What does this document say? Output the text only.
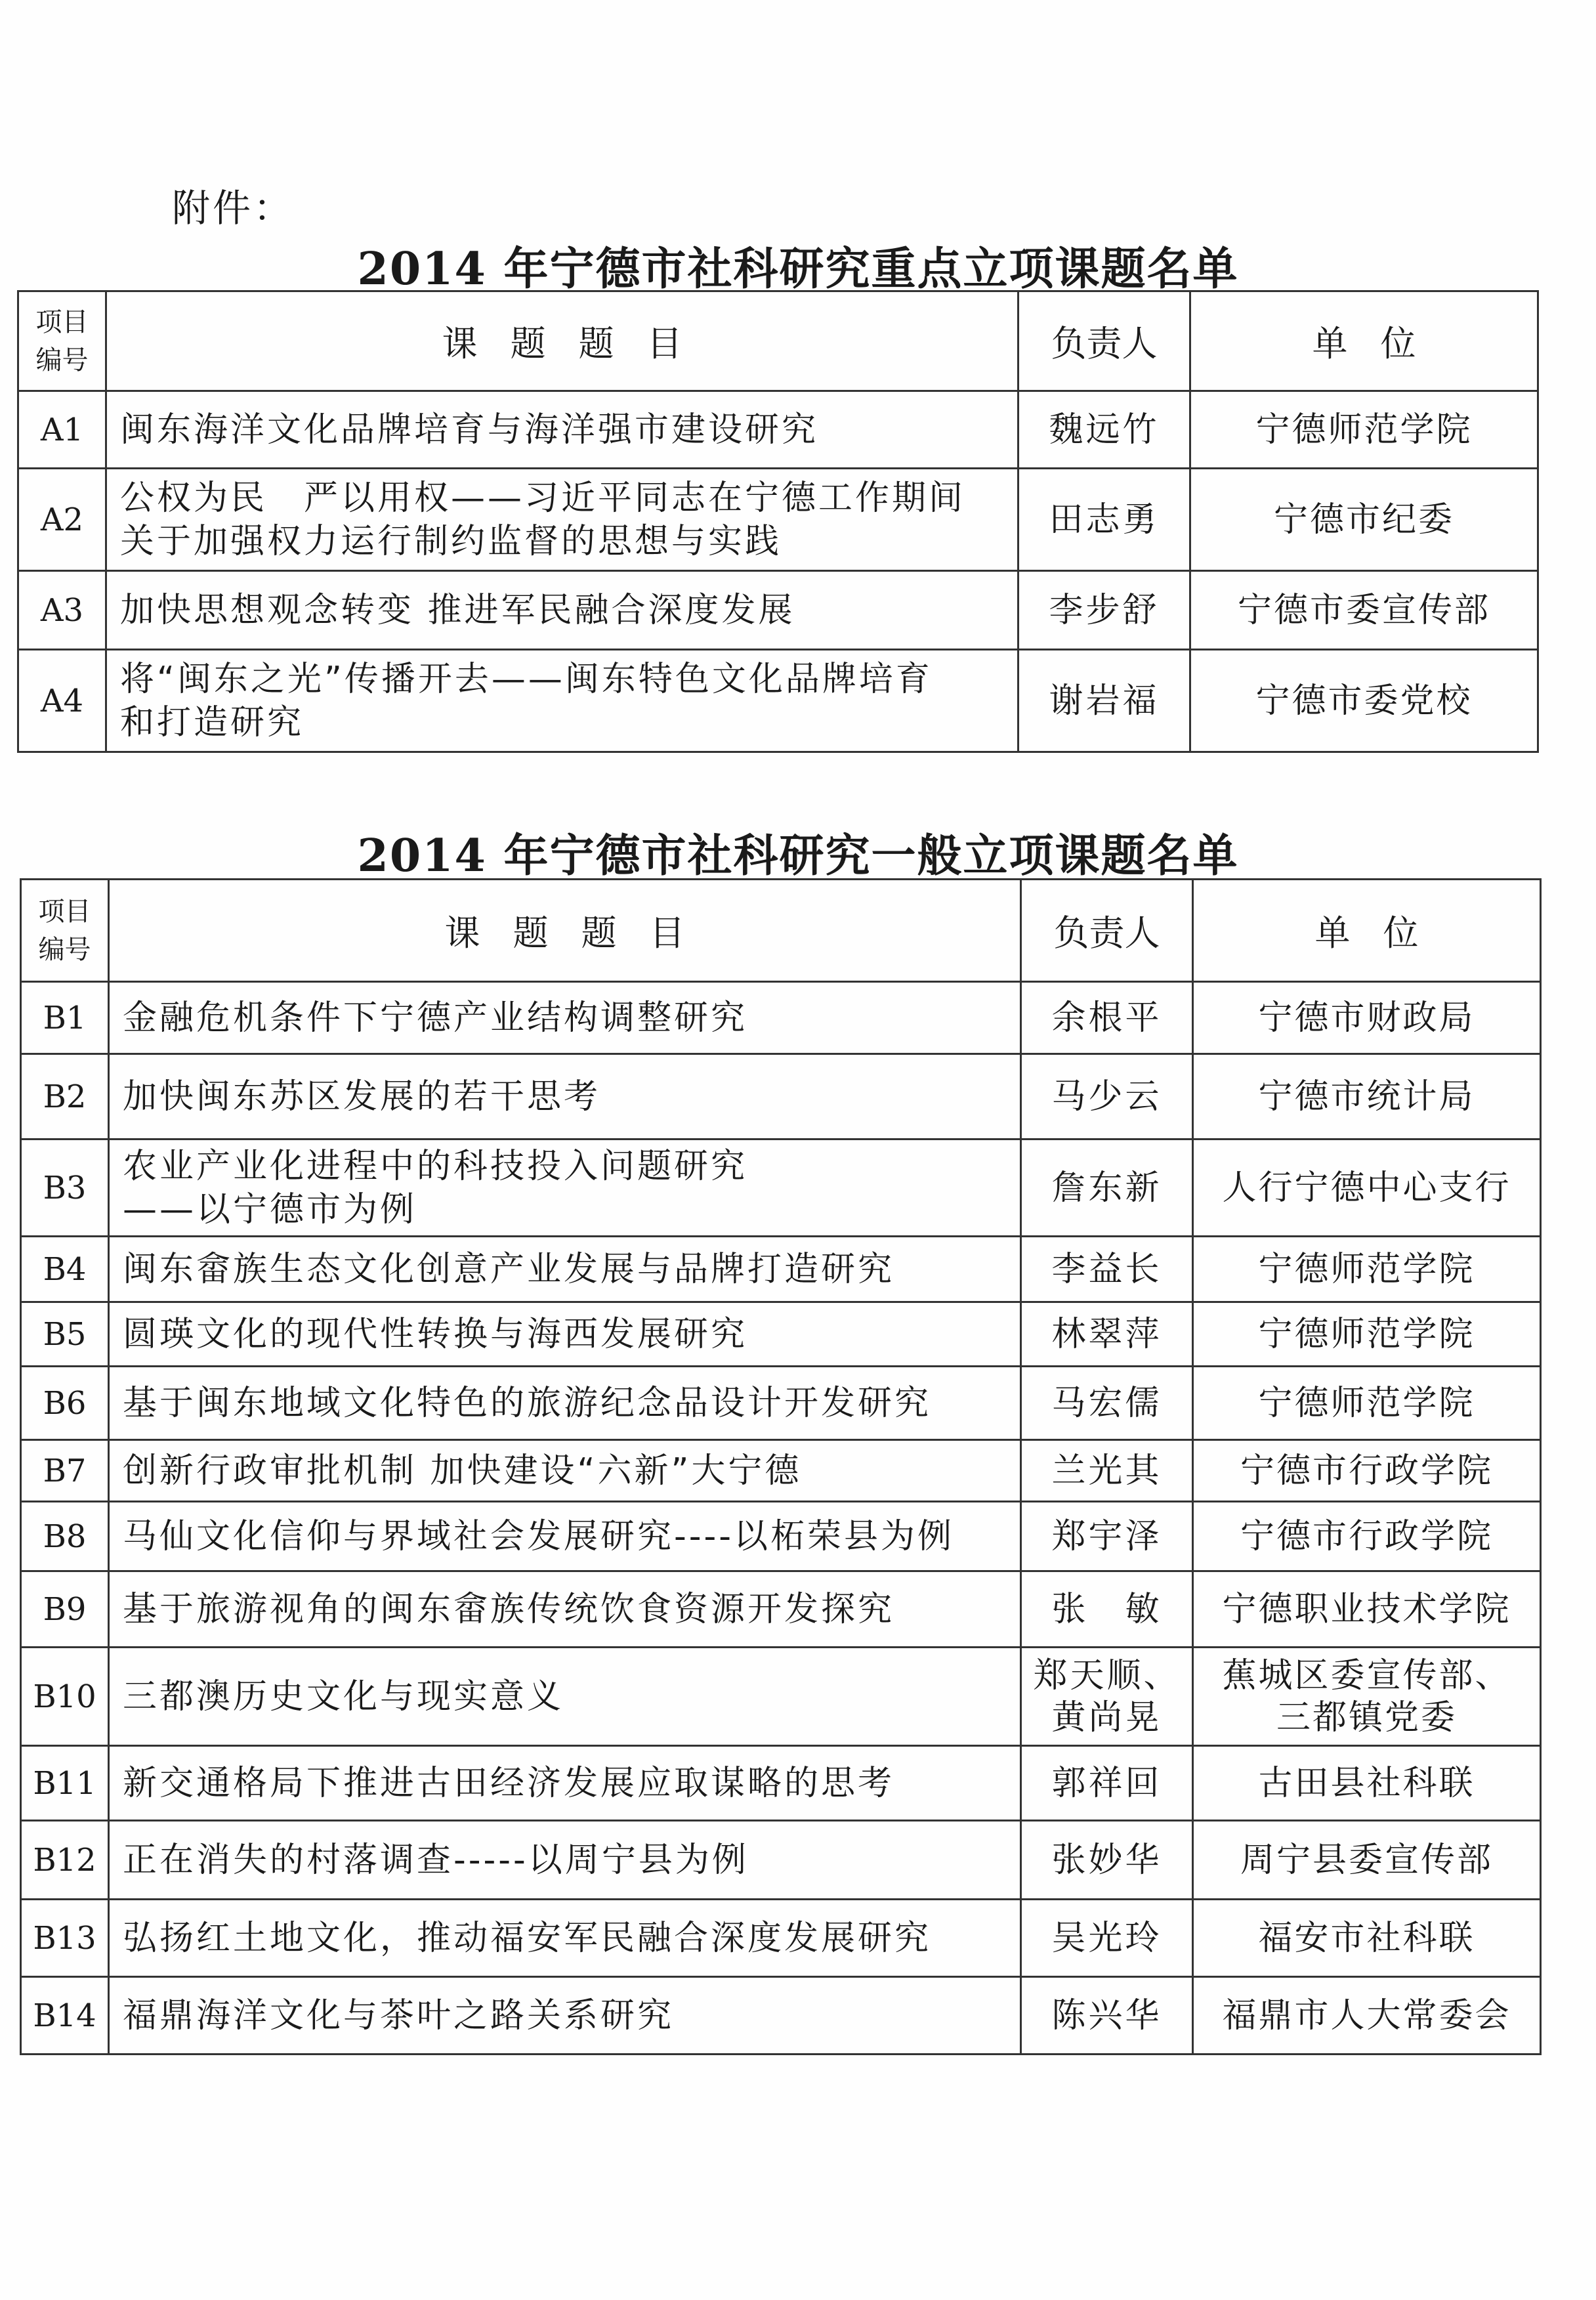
附件：
2014 年宁德市社科研究重点立项课题名单
项目
编号	课题题目	负责人	单位
A1	闽东海洋文化品牌培育与海洋强市建设研究	魏远竹	宁德师范学院
A2	公权为民　严以用权——习近平同志在宁德工作期间
关于加强权力运行制约监督的思想与实践	田志勇	宁德市纪委
A3	加快思想观念转变 推进军民融合深度发展	李步舒	宁德市委宣传部
A4	将“闽东之光”传播开去——闽东特色文化品牌培育
和打造研究	谢岩福	宁德市委党校
2014 年宁德市社科研究一般立项课题名单
项目
编号	课题题目	负责人	单位
B1	金融危机条件下宁德产业结构调整研究	余根平	宁德市财政局
B2	加快闽东苏区发展的若干思考	马少云	宁德市统计局
B3	农业产业化进程中的科技投入问题研究
——以宁德市为例	詹东新	人行宁德中心支行
B4	闽东畲族生态文化创意产业发展与品牌打造研究	李益长	宁德师范学院
B5	圆瑛文化的现代性转换与海西发展研究	林翠萍	宁德师范学院
B6	基于闽东地域文化特色的旅游纪念品设计开发研究	马宏儒	宁德师范学院
B7	创新行政审批机制 加快建设“六新”大宁德	兰光其	宁德市行政学院
B8	马仙文化信仰与界域社会发展研究----以柘荣县为例	郑宇泽	宁德市行政学院
B9	基于旅游视角的闽东畲族传统饮食资源开发探究	张　敏	宁德职业技术学院
B10	三都澳历史文化与现实意义	郑天顺、
黄尚晃	蕉城区委宣传部、
三都镇党委
B11	新交通格局下推进古田经济发展应取谋略的思考	郭祥回	古田县社科联
B12	正在消失的村落调查-----以周宁县为例	张妙华	周宁县委宣传部
B13	弘扬红土地文化，推动福安军民融合深度发展研究	吴光玲	福安市社科联
B14	福鼎海洋文化与茶叶之路关系研究	陈兴华	福鼎市人大常委会
